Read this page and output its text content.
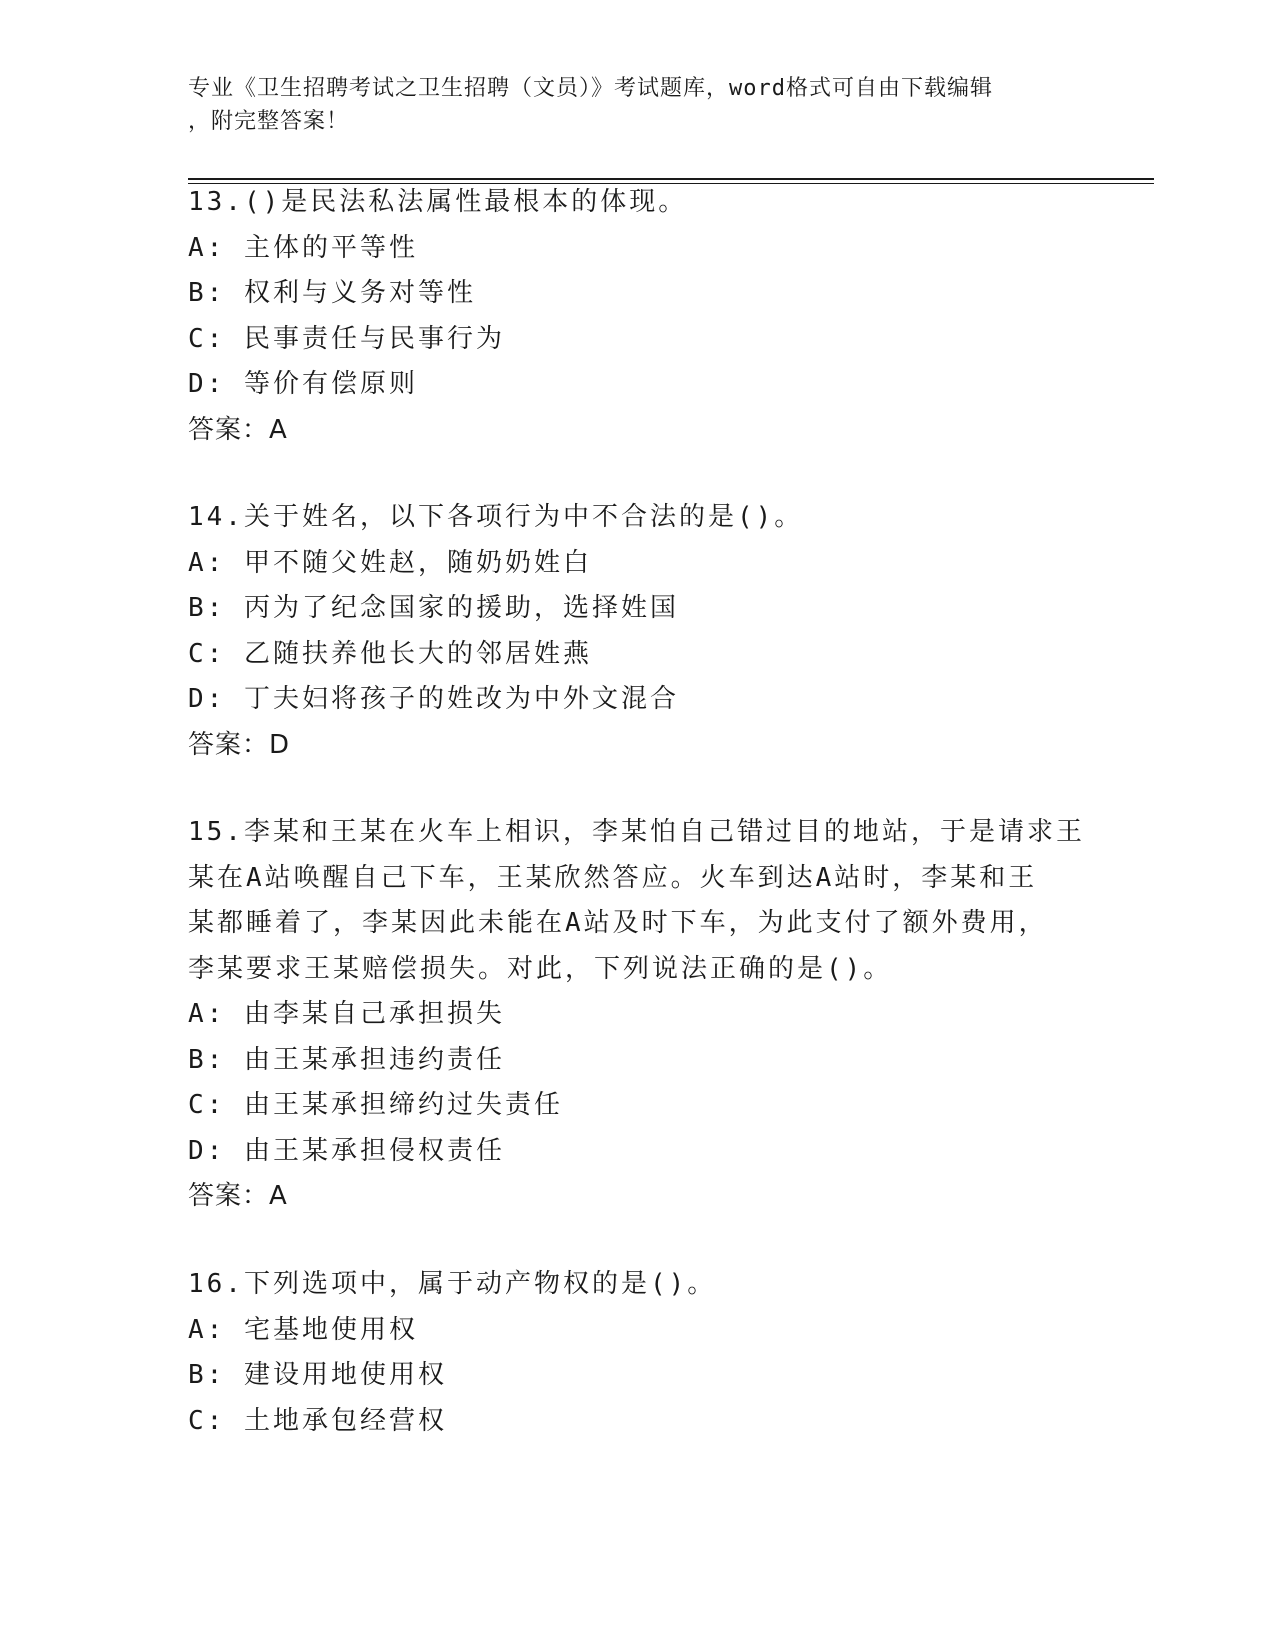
专业《卫生招聘考试之卫生招聘（文员）》考试题库，word格式可自由下载编辑
，附完整答案！
13.()是民法私法属性最根本的体现。
A: 主体的平等性
B: 权利与义务对等性
C: 民事责任与民事行为
D: 等价有偿原则
答案：A
14.关于姓名，以下各项行为中不合法的是()。
A: 甲不随父姓赵，随奶奶姓白
B: 丙为了纪念国家的援助，选择姓国
C: 乙随扶养他长大的邻居姓燕
D: 丁夫妇将孩子的姓改为中外文混合
答案：D
15.李某和王某在火车上相识，李某怕自己错过目的地站，于是请求王
某在A站唤醒自己下车，王某欣然答应。火车到达A站时，李某和王
某都睡着了，李某因此未能在A站及时下车，为此支付了额外费用，
李某要求王某赔偿损失。对此，下列说法正确的是()。
A: 由李某自己承担损失
B: 由王某承担违约责任
C: 由王某承担缔约过失责任
D: 由王某承担侵权责任
答案：A
16.下列选项中，属于动产物权的是()。
A: 宅基地使用权
B: 建设用地使用权
C: 土地承包经营权
